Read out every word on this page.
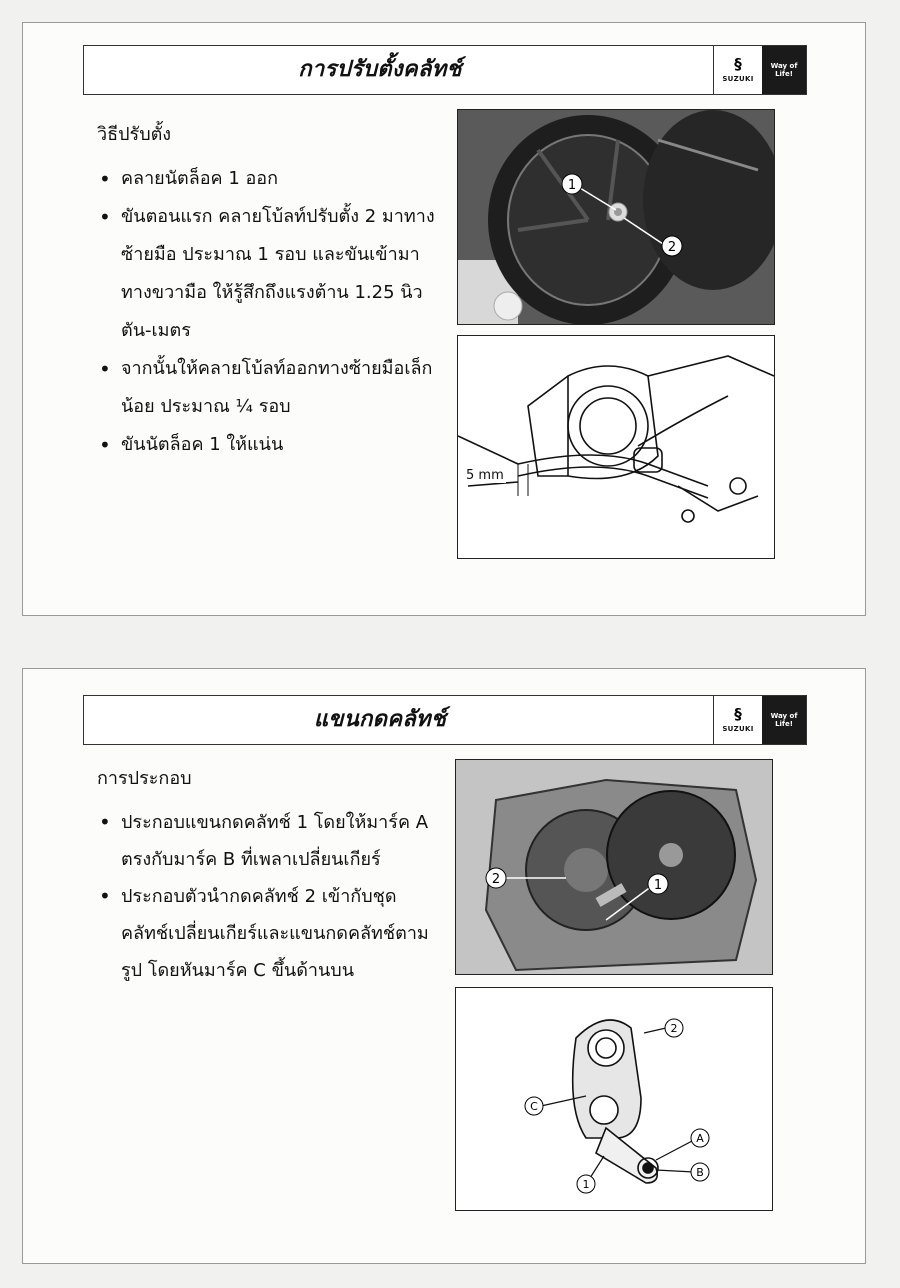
การปรับตั้งคลัทช์	§
SUZUKI
Way of Life!
วิธีปรับตั้ง
• คลายนัตล็อค 1 ออก
• ขันตอนแรก คลายโบ้ลท์ปรับตั้ง 2 มาทางซ้ายมือ ประมาณ 1 รอบ และขันเข้ามาทางขวามือ ให้รู้สึกถึงแรงต้าน 1.25 นิวตัน-เมตร
• จากนั้นให้คลายโบ้ลท์ออกทางซ้ายมือเล็กน้อย ประมาณ ¼ รอบ
• ขันนัตล็อค 1 ให้แน่น
1
2
5 mm
แขนกดคลัทช์	§
SUZUKI
Way of Life!
การประกอบ
• ประกอบแขนกดคลัทช์ 1 โดยให้มาร์ค A ตรงกับมาร์ค B ที่เพลาเปลี่ยนเกียร์
• ประกอบตัวนำกดคลัทช์ 2 เข้ากับชุดคลัทช์เปลี่ยนเกียร์และแขนกดคลัทช์ตามรูป โดยหันมาร์ค C ขึ้นด้านบน
2	1
2
C
A
B
1
